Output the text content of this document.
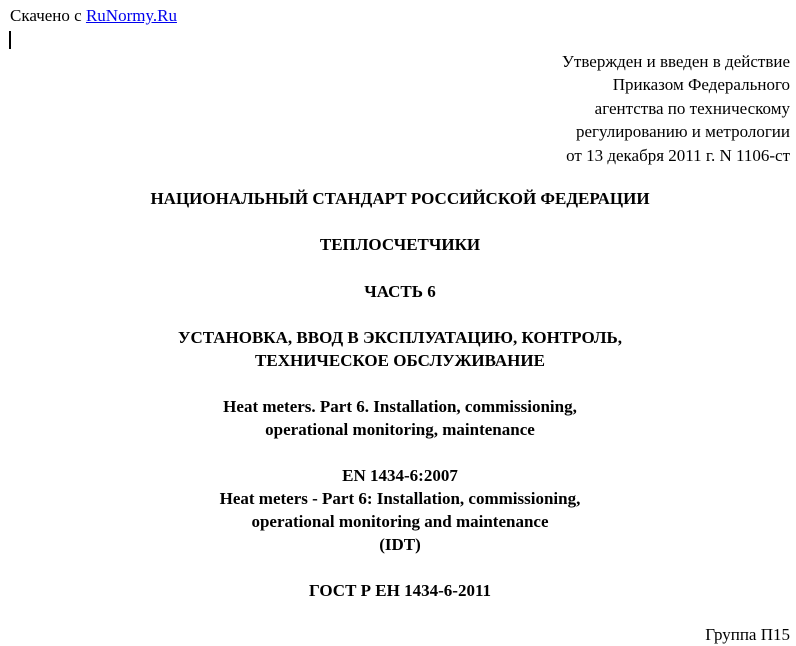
Скачено с RuNormy.Ru
Утвержден и введен в действие
Приказом Федерального
агентства по техническому
регулированию и метрологии
от 13 декабря 2011 г. N 1106-ст
НАЦИОНАЛЬНЫЙ СТАНДАРТ РОССИЙСКОЙ ФЕДЕРАЦИИ
ТЕПЛОСЧЕТЧИКИ
ЧАСТЬ 6
УСТАНОВКА, ВВОД В ЭКСПЛУАТАЦИЮ, КОНТРОЛЬ,
ТЕХНИЧЕСКОЕ ОБСЛУЖИВАНИЕ
Heat meters. Part 6. Installation, commissioning,
operational monitoring, maintenance
EN 1434-6:2007
Heat meters - Part 6: Installation, commissioning,
operational monitoring and maintenance
(IDT)
ГОСТ Р ЕН 1434-6-2011
Группа П15
